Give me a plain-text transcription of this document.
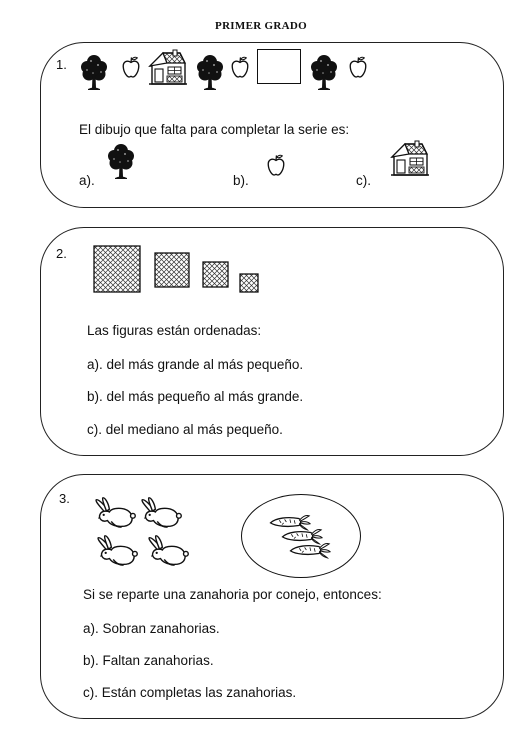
PRIMER GRADO
1.
El dibujo que falta para completar la serie es:
a).	b).	c).
2.
Las figuras están ordenadas:
a). del más grande al más pequeño.
b). del más pequeño al más grande.
c). del mediano al más pequeño.
3.
Si se reparte una zanahoria por conejo, entonces:
a). Sobran zanahorias.
b). Faltan zanahorias.
c). Están completas las zanahorias.
